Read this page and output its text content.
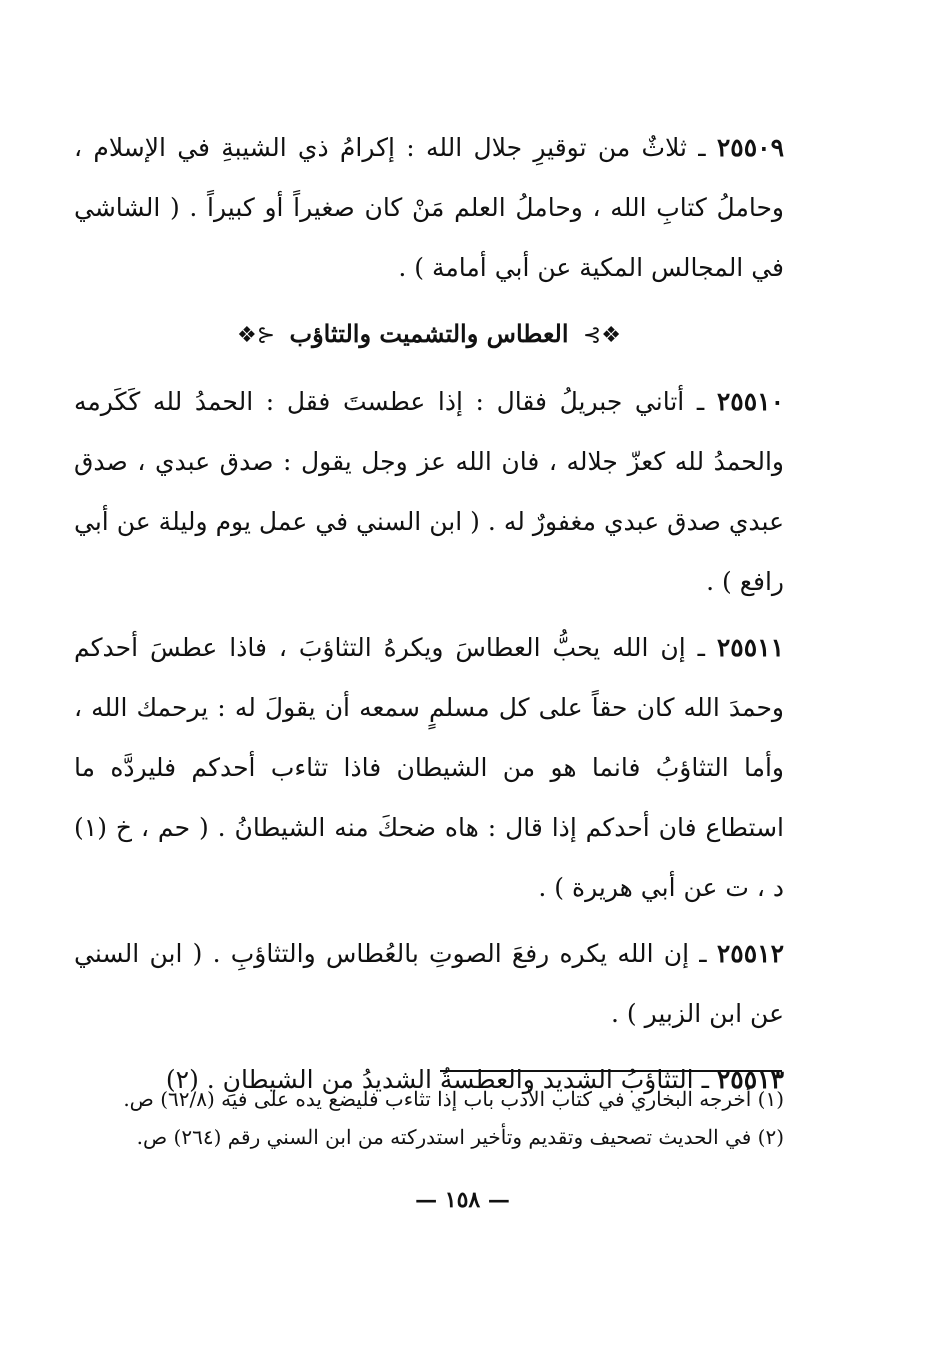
٢٥٥٠٩ ـ ثلاثٌ من توقيرِ جلال الله : إكرامُ ذي الشيبةِ في الإسلام ، وحاملُ كتابِ الله ، وحاملُ العلم مَنْ كان صغيراً أو كبيراً . ( الشاشي في المجالس المكية عن أبي أمامة ) .

❖⊱ العطاس والتشميت والتثاؤب ⊰❖

٢٥٥١٠ ـ أتاني جبريلُ فقال : إذا عطستَ فقل : الحمدُ لله كَكَرمه والحمدُ لله كعزّ جلاله ، فان الله عز وجل يقول : صدق عبدي ، صدق عبدي صدق عبدي مغفورٌ له . ( ابن السني في عمل يوم وليلة عن أبي رافع ) .

٢٥٥١١ ـ إن الله يحبُّ العطاسَ ويكرهُ التثاؤبَ ، فاذا عطسَ أحدكم وحمدَ الله كان حقاً على كل مسلمٍ سمعه أن يقولَ له : يرحمك الله ، وأما التثاؤبُ فانما هو من الشيطان فاذا تثاءب أحدكم فليردَّه ما استطاع فان أحدكم إذا قال : هاه ضحكَ منه الشيطانُ . ( حم ، خ (١) د ، ت عن أبي هريرة ) .

٢٥٥١٢ ـ إن الله يكره رفعَ الصوتِ بالعُطاس والتثاؤبِ . ( ابن السني عن ابن الزبير ) .

٢٥٥١٣ ـ التثاؤبُ الشديد والعطسةُ الشديدُ من الشيطانِ . (٢)

(١) أخرجه البخاري في كتاب الأدب باب إذا تثاءب فليضع يده على فيه (٦٢/٨) ص.

(٢) في الحديث تصحيف وتقديم وتأخير استدركته من ابن السني رقم (٢٦٤) ص.

— ١٥٨ —
